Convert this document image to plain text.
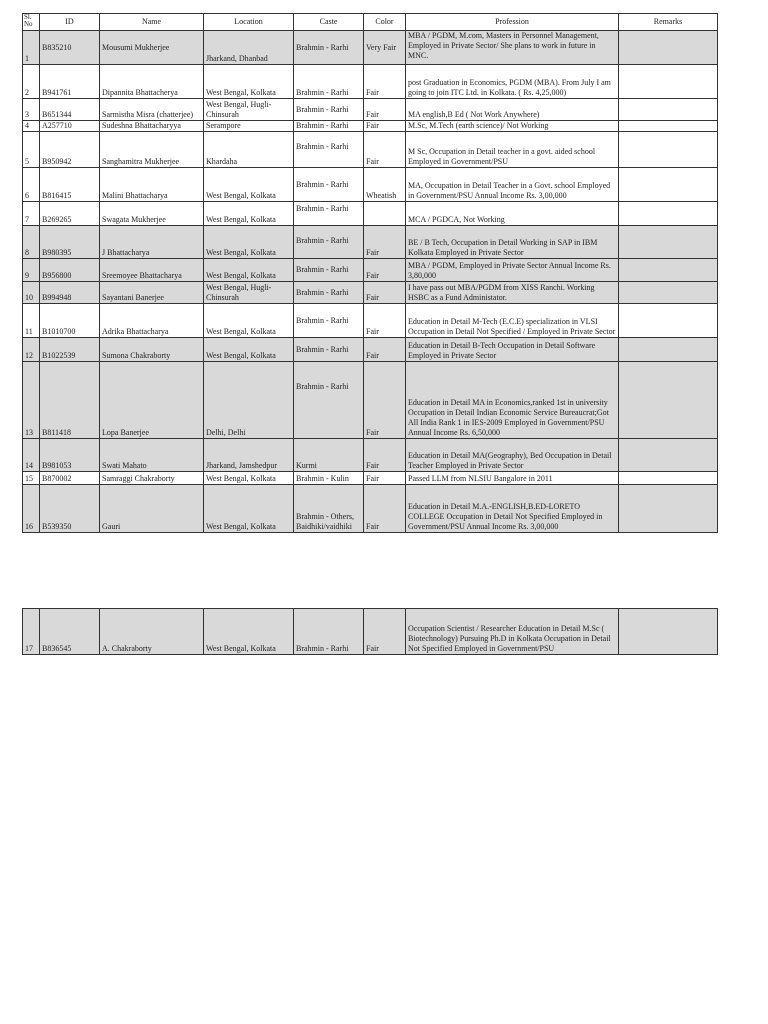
Sl. No	ID	Name	Location	Caste	Color	Profession	Remarks
1	B835210	Mousumi Mukherjee	Jharkand, Dhanbad	Brahmin - Rarhi	Very Fair	MBA / PGDM, M.com, Masters in Personnel Management, Employed in Private Sector/ She plans to work in future in MNC.	
2	B941761	Dipannita Bhattacherya	West Bengal, Kolkata	Brahmin - Rarhi	Fair	post Graduation in Economics, PGDM (MBA). From July I am going to join ITC Ltd. in Kolkata. ( Rs. 4,25,000)	
3	B651344	Sarmistha Misra (chatterjee)	West Bengal, Hugli-Chinsurah	Brahmin - Rarhi	Fair	MA english,B Ed ( Not Work Anywhere)	
4	A257710	Sudeshna Bhattacharyya	Serampore	Brahmin - Rarhi	Fair	M.Sc, M.Tech (earth science)/ Not Working	
5	B950942	Sanghamitra Mukherjee	Khardaha	Brahmin - Rarhi	Fair	M Sc, Occupation in Detail teacher in a govt. aided school Employed in Government/PSU	
6	B816415	Malini Bhattacharya	West Bengal, Kolkata	Brahmin - Rarhi	Wheatish	MA, Occupation in Detail Teacher in a Govt. school Employed in Government/PSU Annual Income Rs. 3,00,000	
7	B269265	Swagata Mukherjee	West Bengal, Kolkata	Brahmin - Rarhi		MCA / PGDCA, Not Working	
8	B980395	J Bhattacharya	West Bengal, Kolkata	Brahmin - Rarhi	Fair	BE / B Tech, Occupation in Detail Working in SAP in IBM Kolkata Employed in Private Sector	
9	B956800	Sreemoyee Bhattacharya	West Bengal, Kolkata	Brahmin - Rarhi	Fair	MBA / PGDM, Employed in Private Sector Annual Income Rs. 3,80,000	
10	B994948	Sayantani Banerjee	West Bengal, Hugli-Chinsurah	Brahmin - Rarhi	Fair	I have pass out MBA/PGDM from XISS Ranchi. Working HSBC as a Fund Administator.	
11	B1010700	Adrika Bhattacharya	West Bengal, Kolkata	Brahmin - Rarhi	Fair	Education in Detail M-Tech (E.C.E) specialization in VLSI Occupation in Detail Not Specified / Employed in Private Sector	
12	B1022539	Sumona Chakraborty	West Bengal, Kolkata	Brahmin - Rarhi	Fair	Education in Detail B-Tech Occupation in Detail Software Employed in Private Sector	
13	B811418	Lopa Banerjee	Delhi, Delhi	Brahmin - Rarhi	Fair	Education in Detail MA in Economics,ranked 1st in university Occupation in Detail Indian Economic Service Bureaucrat;Got All India Rank 1 in IES-2009 Employed in Government/PSU Annual Income Rs. 6,50,000	
14	B981053	Swati Mahato	Jharkand, Jamshedpur	Kurmi	Fair	Education in Detail MA(Geography), Bed Occupation in Detail Teacher Employed in Private Sector	
15	B870002	Samraggi Chakraborty	West Bengal, Kolkata	Brahmin - Kulin	Fair	Passed LLM from NLSIU Bangalore in 2011	
16	B539350	Gauri	West Bengal, Kolkata	Brahmin - Others, Baidhiki/vaidhiki	Fair	Education in Detail M.A.-ENGLISH,B.ED-LORETO COLLEGE Occupation in Detail Not Specified Employed in Government/PSU Annual Income Rs. 3,00,000	
17	B836545	A. Chakraborty	West Bengal, Kolkata	Brahmin - Rarhi	Fair	Occupation Scientist / Researcher Education in Detail M.Sc ( Biotechnology) Pursuing Ph.D in Kolkata Occupation in Detail Not Specified Employed in Government/PSU	
